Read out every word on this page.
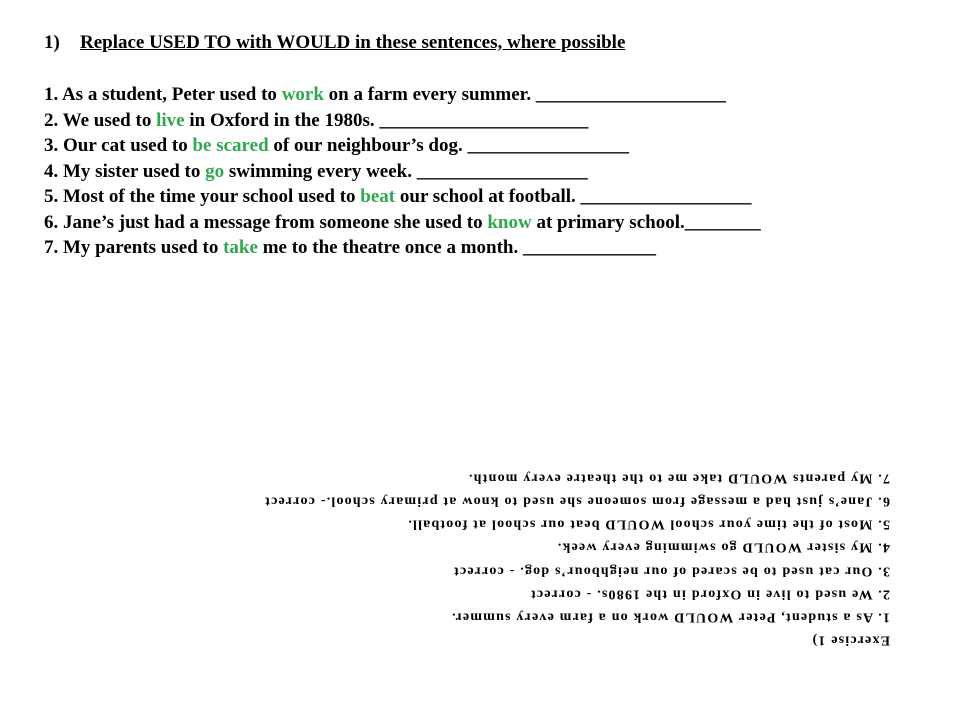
1) Replace USED TO with WOULD in these sentences, where possible
1. As a student, Peter used to work on a farm every summer. ____________________
2. We used to live in Oxford in the 1980s. ______________________
3. Our cat used to be scared of our neighbour’s dog. _________________
4. My sister used to go swimming every week. __________________
5. Most of the time your school used to beat our school at football. __________________
6. Jane’s just had a message from someone she used to know at primary school.________
7. My parents used to take me to the theatre once a month. ______________
Exercise 1)
1. As a student, Peter WOULD work on a farm every summer.
2. We used to live in Oxford in the 1980s. - correct
3. Our cat used to be scared of our neighbour’s dog. - correct
4. My sister WOULD go swimming every week.
5. Most of the time your school WOULD beat our school at football.
6. Jane’s just had a message from someone she used to know at primary school.- correct
7. My parents WOULD take me to the theatre every month.
